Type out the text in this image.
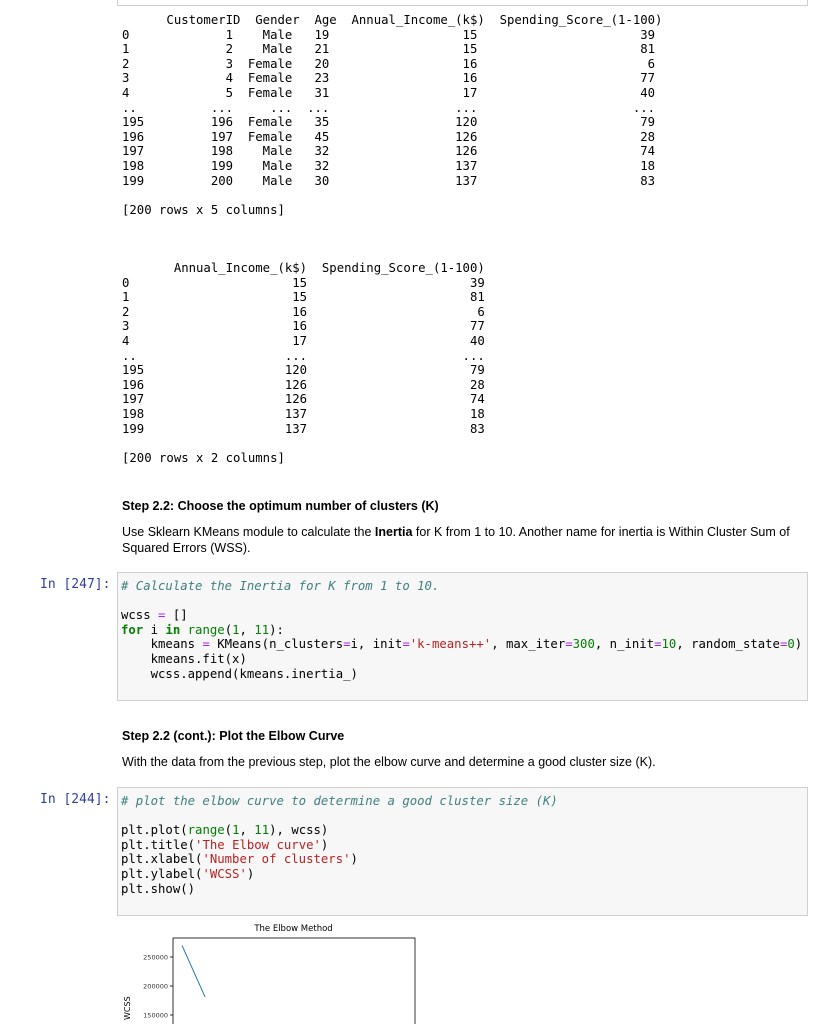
CustomerID  Gender  Age  Annual_Income_(k$)  Spending_Score_(1-100)
0             1    Male   19                  15                      39
1             2    Male   21                  15                      81
2             3  Female   20                  16                       6
3             4  Female   23                  16                      77
4             5  Female   31                  17                      40
..          ...     ...  ...                 ...                     ...
195         196  Female   35                 120                      79
196         197  Female   45                 126                      28
197         198    Male   32                 126                      74
198         199    Male   32                 137                      18
199         200    Male   30                 137                      83

[200 rows x 5 columns]
Annual_Income_(k$)  Spending_Score_(1-100)
0                      15                      39
1                      15                      81
2                      16                       6
3                      16                      77
4                      17                      40
..                    ...                     ...
195                   120                      79
196                   126                      28
197                   126                      74
198                   137                      18
199                   137                      83

[200 rows x 2 columns]
Step 2.2: Choose the optimum number of clusters (K)
Use Sklearn KMeans module to calculate the Inertia for K from 1 to 10. Another name for inertia is Within Cluster Sum of Squared Errors (WSS).
In [247]: # Calculate the Inertia for K from 1 to 10.

wcss = []
for i in range(1, 11):
kmeans = KMeans(n_clusters=i, init='k-means++', max_iter=300, n_init=10, random_state=0)
kmeans.fit(x)
wcss.append(kmeans.inertia_)
Step 2.2 (cont.): Plot the Elbow Curve
With the data from the previous step, plot the elbow curve and determine a good cluster size (K).
In [244]: # plot the elbow curve to determine a good cluster size (K)

plt.plot(range(1, 11), wcss)
plt.title('The Elbow curve')
plt.xlabel('Number of clusters')
plt.ylabel('WCSS')
plt.show()
The Elbow Method
250000
200000
150000
WCSS
